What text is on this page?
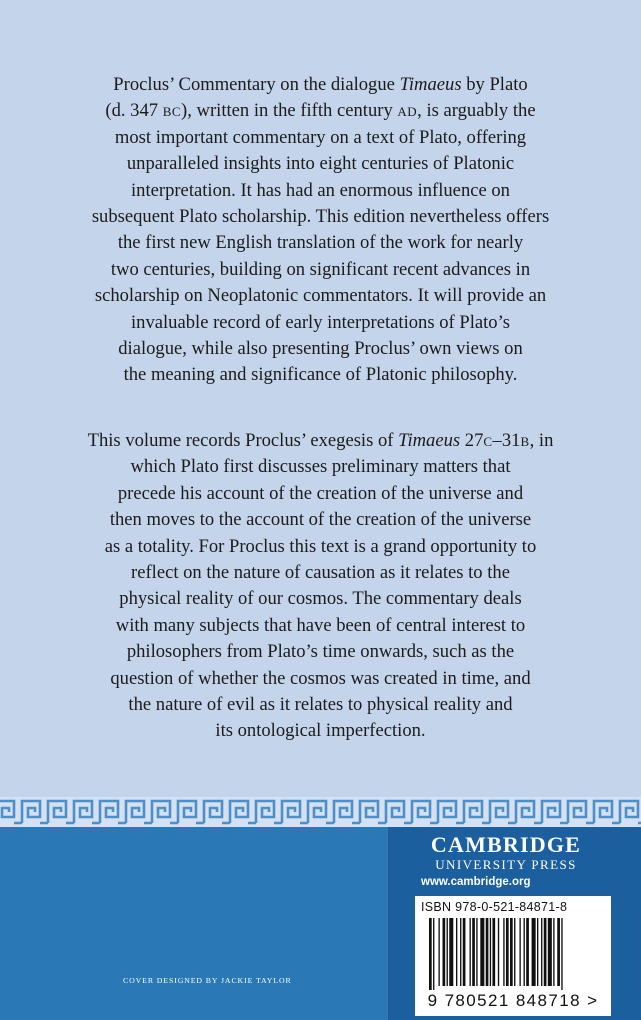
Proclus’ Commentary on the dialogue Timaeus by Plato
(d. 347 bc), written in the fifth century ad, is arguably the
most important commentary on a text of Plato, offering
unparalleled insights into eight centuries of Platonic
interpretation. It has had an enormous influence on
subsequent Plato scholarship. This edition nevertheless offers
the first new English translation of the work for nearly
two centuries, building on significant recent advances in
scholarship on Neoplatonic commentators. It will provide an
invaluable record of early interpretations of Plato’s
dialogue, while also presenting Proclus’ own views on
the meaning and significance of Platonic philosophy.
This volume records Proclus’ exegesis of Timaeus 27c–31b, in
which Plato first discusses preliminary matters that
precede his account of the creation of the universe and
then moves to the account of the creation of the universe
as a totality. For Proclus this text is a grand opportunity to
reflect on the nature of causation as it relates to the
physical reality of our cosmos. The commentary deals
with many subjects that have been of central interest to
philosophers from Plato’s time onwards, such as the
question of whether the cosmos was created in time, and
the nature of evil as it relates to physical reality and
its ontological imperfection.
COVER DESIGNED BY JACKIE TAYLOR
CAMBRIDGE
UNIVERSITY PRESS
www.cambridge.org
ISBN 978-0-521-84871-8
9 780521 848718 >
